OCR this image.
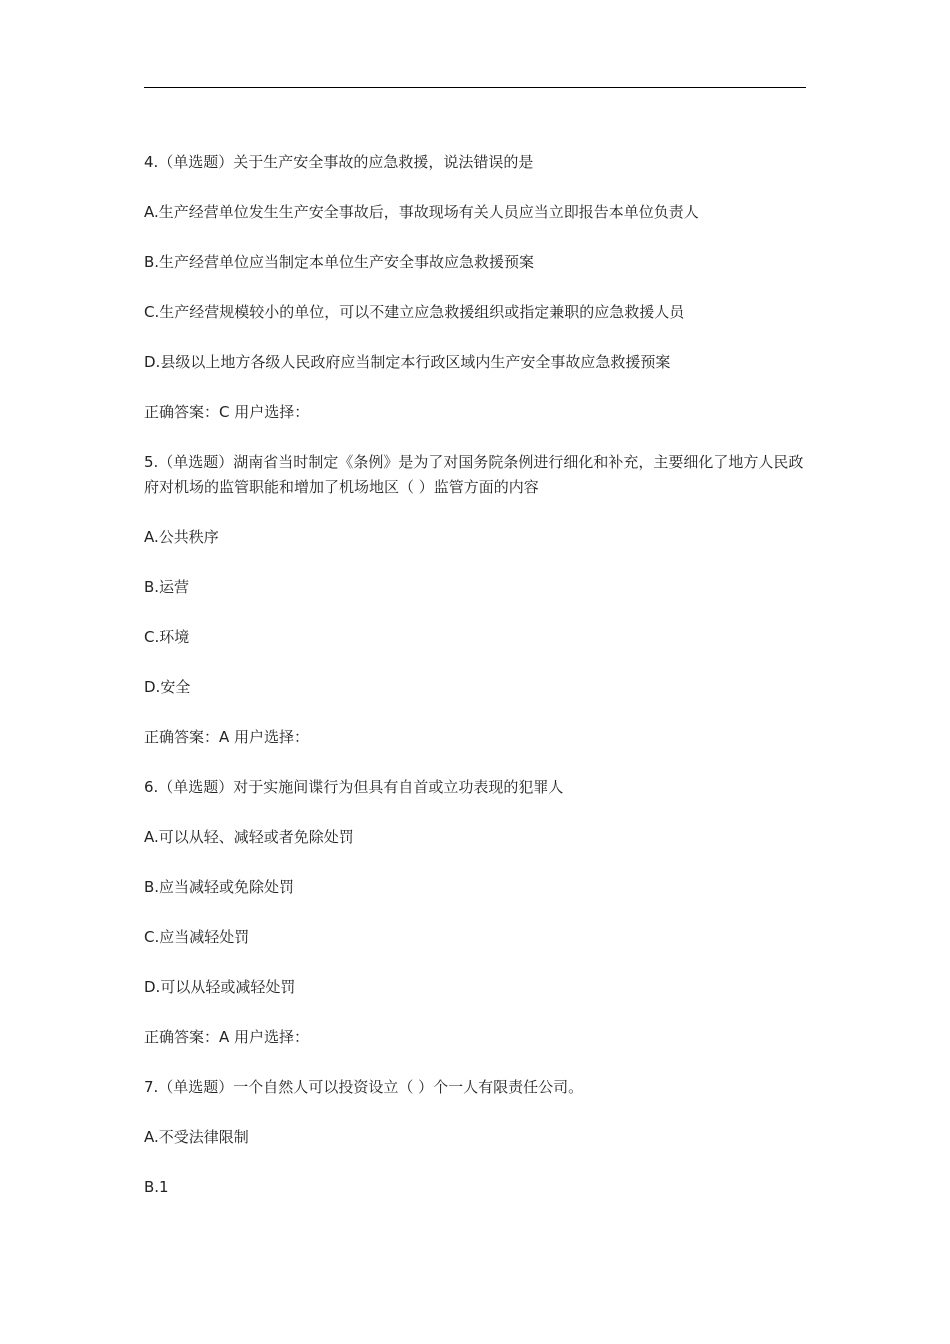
4.（单选题）关于生产安全事故的应急救援，说法错误的是

A.生产经营单位发生生产安全事故后，事故现场有关人员应当立即报告本单位负责人

B.生产经营单位应当制定本单位生产安全事故应急救援预案

C.生产经营规模较小的单位，可以不建立应急救援组织或指定兼职的应急救援人员

D.县级以上地方各级人民政府应当制定本行政区域内生产安全事故应急救援预案

正确答案：C 用户选择：

5.（单选题）湖南省当时制定《条例》是为了对国务院条例进行细化和补充，主要细化了地方人民政府对机场的监管职能和增加了机场地区（ ）监管方面的内容

A.公共秩序

B.运营

C.环境

D.安全

正确答案：A 用户选择：

6.（单选题）对于实施间谍行为但具有自首或立功表现的犯罪人

A.可以从轻、减轻或者免除处罚

B.应当减轻或免除处罚

C.应当减轻处罚

D.可以从轻或减轻处罚

正确答案：A 用户选择：

7.（单选题）一个自然人可以投资设立（ ）个一人有限责任公司。

A.不受法律限制

B.1
